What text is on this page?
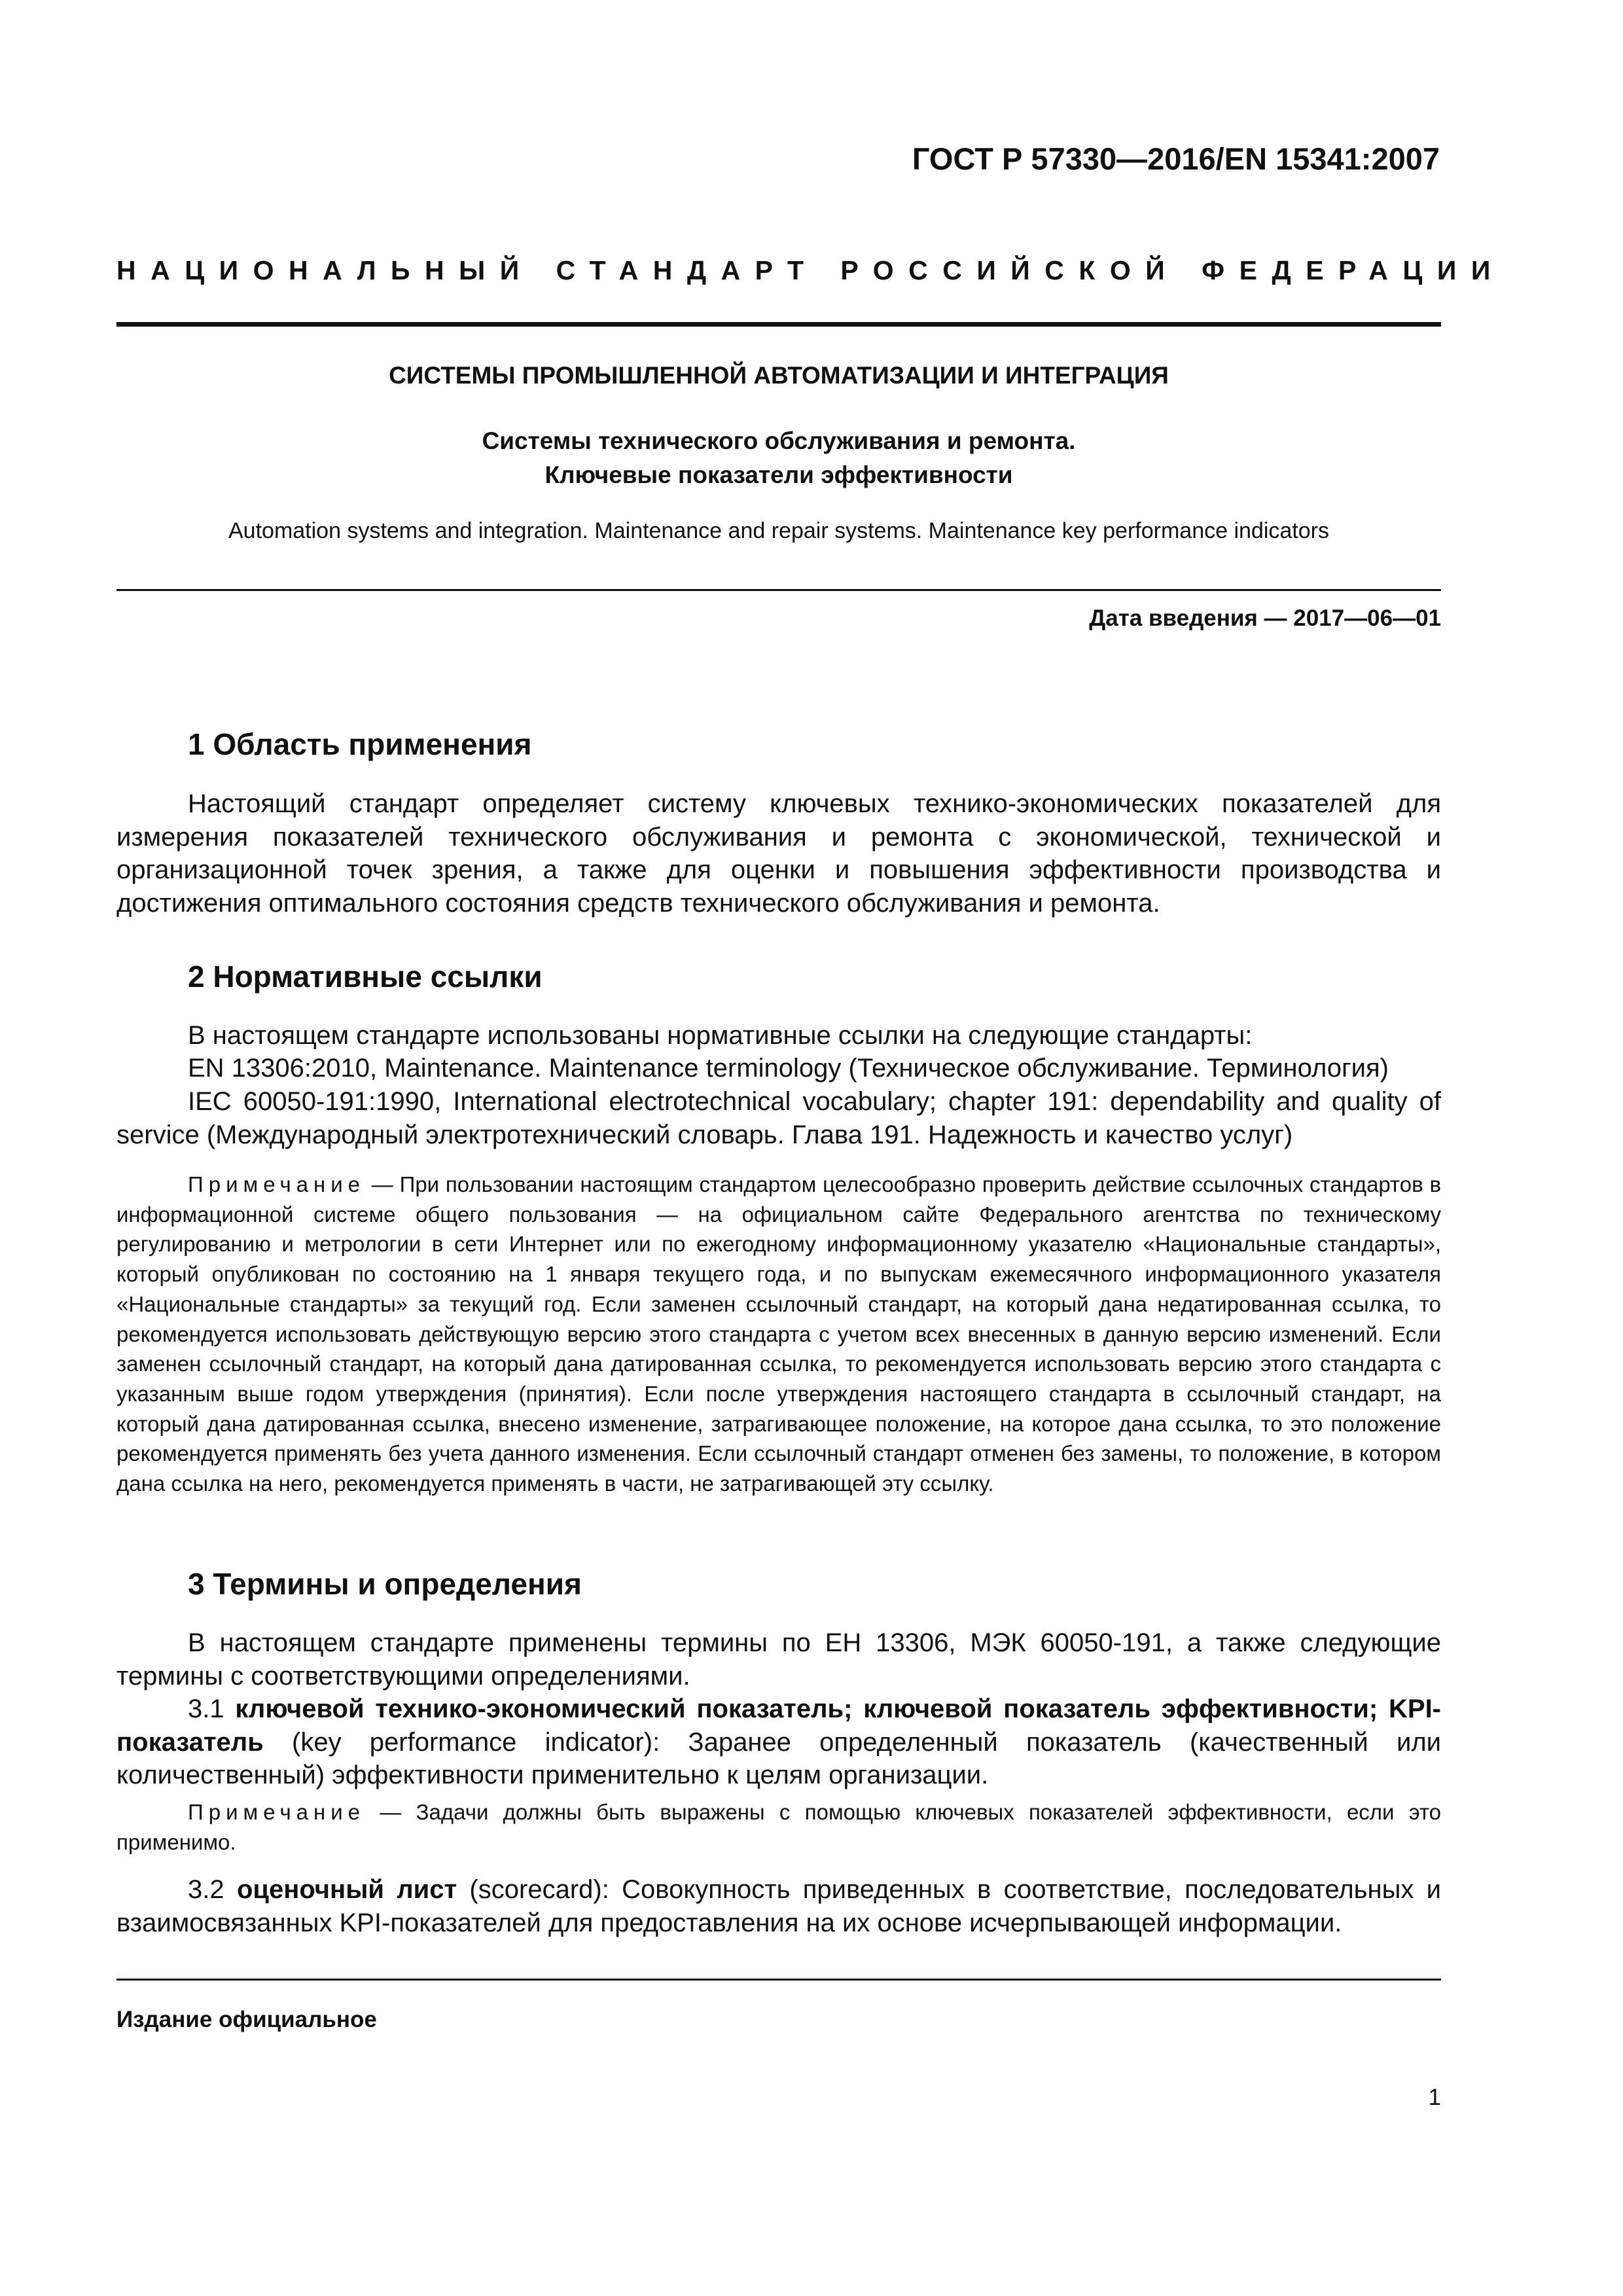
ГОСТ Р 57330—2016/EN 15341:2007
НАЦИОНАЛЬНЫЙ СТАНДАРТ РОССИЙСКОЙ ФЕДЕРАЦИИ
СИСТЕМЫ ПРОМЫШЛЕННОЙ АВТОМАТИЗАЦИИ И ИНТЕГРАЦИЯ
Системы технического обслуживания и ремонта.
Ключевые показатели эффективности
Automation systems and integration. Maintenance and repair systems. Maintenance key performance indicators
Дата введения — 2017—06—01
1 Область применения

Настоящий стандарт определяет систему ключевых технико-экономических показателей для измерения показателей технического обслуживания и ремонта с экономической, технической и организационной точек зрения, а также для оценки и повышения эффективности производства и достижения оптимального состояния средств технического обслуживания и ремонта.

2 Нормативные ссылки

В настоящем стандарте использованы нормативные ссылки на следующие стандарты:

EN 13306:2010, Maintenance. Maintenance terminology (Техническое обслуживание. Терминология)

IEC 60050-191:1990, International electrotechnical vocabulary; chapter 191: dependability and quality of service (Международный электротехнический словарь. Глава 191. Надежность и качество услуг)

Примечание — При пользовании настоящим стандартом целесообразно проверить действие ссылочных стандартов в информационной системе общего пользования — на официальном сайте Федерального агентства по техническому регулированию и метрологии в сети Интернет или по ежегодному информационному указателю «Национальные стандарты», который опубликован по состоянию на 1 января текущего года, и по выпускам ежемесячного информационного указателя «Национальные стандарты» за текущий год. Если заменен ссылочный стандарт, на который дана недатированная ссылка, то рекомендуется использовать действующую версию этого стандарта с учетом всех внесенных в данную версию изменений. Если заменен ссылочный стандарт, на который дана датированная ссылка, то рекомендуется использовать версию этого стандарта с указанным выше годом утверждения (принятия). Если после утверждения настоящего стандарта в ссылочный стандарт, на который дана датированная ссылка, внесено изменение, затрагивающее положение, на которое дана ссылка, то это положение рекомендуется применять без учета данного изменения. Если ссылочный стандарт отменен без замены, то положение, в котором дана ссылка на него, рекомендуется применять в части, не затрагивающей эту ссылку.

3 Термины и определения

В настоящем стандарте применены термины по ЕН 13306, МЭК 60050-191, а также следующие термины с соответствующими определениями.

3.1 ключевой технико-экономический показатель; ключевой показатель эффективности; KPI-показатель (key performance indicator): Заранее определенный показатель (качественный или количественный) эффективности применительно к целям организации.

Примечание — Задачи должны быть выражены с помощью ключевых показателей эффективности, если это применимо.

3.2 оценочный лист (scorecard): Совокупность приведенных в соответствие, последовательных и взаимосвязанных KPI-показателей для предоставления на их основе исчерпывающей информации.

Издание официальное
1
